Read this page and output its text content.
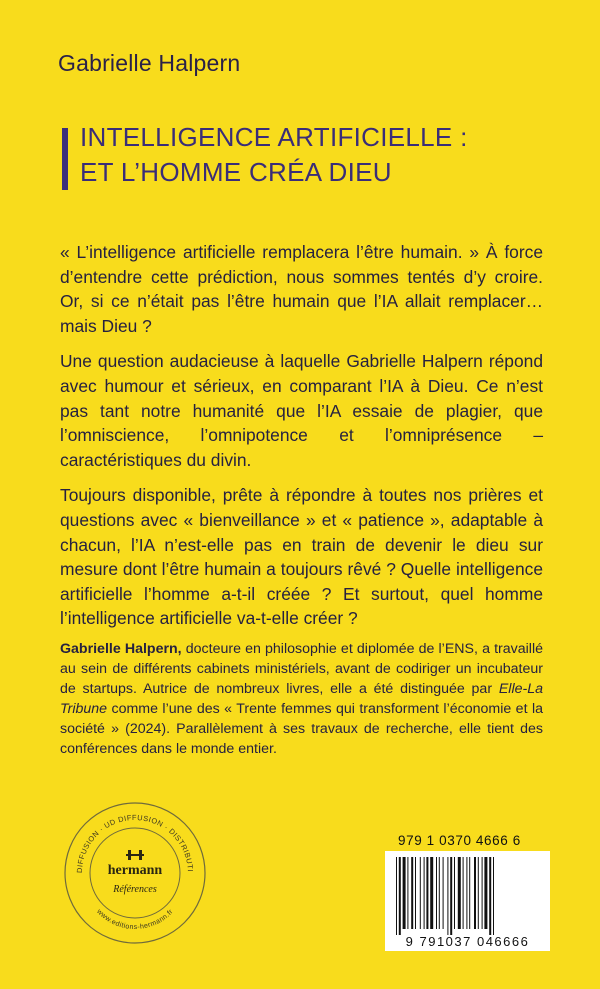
Gabrielle Halpern
INTELLIGENCE ARTIFICIELLE :
ET L’HOMME CRÉA DIEU

« L’intelligence artificielle remplacera l’être humain. » À force d’entendre cette prédiction, nous sommes tentés d’y croire. Or, si ce n’était pas l’être humain que l’IA allait remplacer… mais Dieu ?

Une question audacieuse à laquelle Gabrielle Halpern répond avec humour et sérieux, en comparant l’IA à Dieu. Ce n’est pas tant notre humanité que l’IA essaie de plagier, que l’omniscience, l’omnipotence et l’omniprésence – caractéristiques du divin.

Toujours disponible, prête à répondre à toutes nos prières et questions avec « bienveillance » et « patience », adaptable à chacun, l’IA n’est-elle pas en train de devenir le dieu sur mesure dont l’être humain a toujours rêvé ? Quelle intelligence artificielle l’homme a-t-il créée ? Et surtout, quel homme l’intelligence artificielle va-t-elle créer ?

Gabrielle Halpern, docteure en philosophie et diplomée de l’ENS, a travaillé au sein de différents cabinets ministériels, avant de codiriger un incubateur de startups. Autrice de nombreux livres, elle a été distinguée par Elle-La Tribune comme l’une des « Trente femmes qui transforment l’économie et la société » (2024). Parallèlement à ses travaux de recherche, elle tient des conférences dans le monde entier.
DIFFUSION · UD DIFFUSION · DISTRIBUTI
www.editions-hermann.fr
hermann
Références
979 1 0370 4666 6
9 791037 046666
